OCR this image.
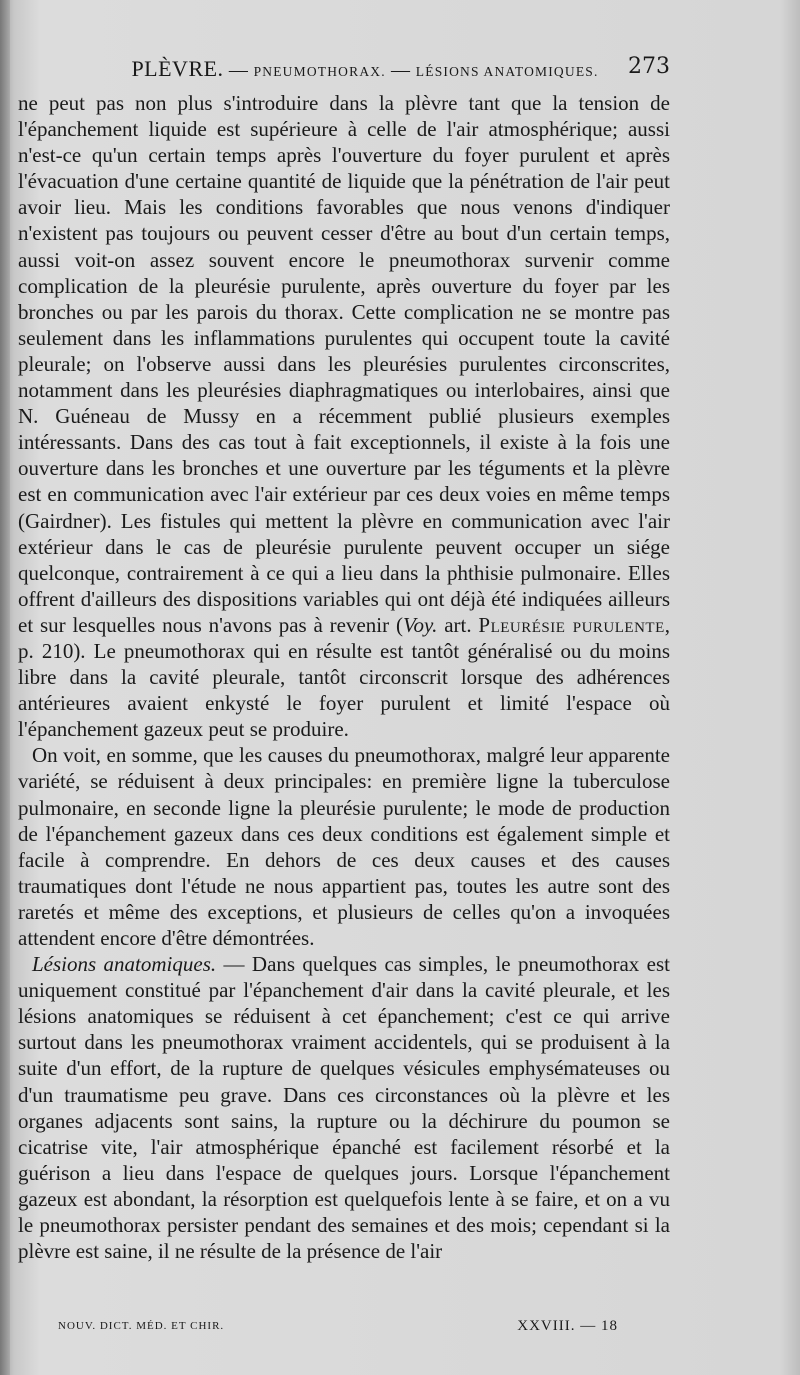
PLÈVRE. — PNEUMOTHORAX. — LÉSIONS ANATOMIQUES.	273

ne peut pas non plus s'introduire dans la plèvre tant que la tension de l'épanchement liquide est supérieure à celle de l'air atmosphérique; aussi n'est-ce qu'un certain temps après l'ouverture du foyer purulent et après l'évacuation d'une certaine quantité de liquide que la pénétration de l'air peut avoir lieu. Mais les conditions favorables que nous venons d'indiquer n'existent pas toujours ou peuvent cesser d'être au bout d'un certain temps, aussi voit-on assez souvent encore le pneumothorax survenir comme complication de la pleurésie purulente, après ouverture du foyer par les bronches ou par les parois du thorax. Cette complication ne se montre pas seulement dans les inflammations purulentes qui occupent toute la cavité pleurale; on l'observe aussi dans les pleurésies purulentes circonscrites, notamment dans les pleurésies diaphragmatiques ou interlobaires, ainsi que N. Guéneau de Mussy en a récemment publié plusieurs exemples intéressants. Dans des cas tout à fait exceptionnels, il existe à la fois une ouverture dans les bronches et une ouverture par les téguments et la plèvre est en communication avec l'air extérieur par ces deux voies en même temps (Gairdner). Les fistules qui mettent la plèvre en communication avec l'air extérieur dans le cas de pleurésie purulente peuvent occuper un siége quelconque, contrairement à ce qui a lieu dans la phthisie pulmonaire. Elles offrent d'ailleurs des dispositions variables qui ont déjà été indiquées ailleurs et sur lesquelles nous n'avons pas à revenir (Voy. art. Pleurésie purulente, p. 210). Le pneumothorax qui en résulte est tantôt généralisé ou du moins libre dans la cavité pleurale, tantôt circonscrit lorsque des adhérences antérieures avaient enkysté le foyer purulent et limité l'espace où l'épanchement gazeux peut se produire.

On voit, en somme, que les causes du pneumothorax, malgré leur apparente variété, se réduisent à deux principales: en première ligne la tuberculose pulmonaire, en seconde ligne la pleurésie purulente; le mode de production de l'épanchement gazeux dans ces deux conditions est également simple et facile à comprendre. En dehors de ces deux causes et des causes traumatiques dont l'étude ne nous appartient pas, toutes les autre sont des raretés et même des exceptions, et plusieurs de celles qu'on a invoquées attendent encore d'être démontrées.

Lésions anatomiques. — Dans quelques cas simples, le pneumothorax est uniquement constitué par l'épanchement d'air dans la cavité pleurale, et les lésions anatomiques se réduisent à cet épanchement; c'est ce qui arrive surtout dans les pneumothorax vraiment accidentels, qui se produisent à la suite d'un effort, de la rupture de quelques vésicules emphysémateuses ou d'un traumatisme peu grave. Dans ces circonstances où la plèvre et les organes adjacents sont sains, la rupture ou la déchirure du poumon se cicatrise vite, l'air atmosphérique épanché est facilement résorbé et la guérison a lieu dans l'espace de quelques jours. Lorsque l'épanchement gazeux est abondant, la résorption est quelquefois lente à se faire, et on a vu le pneumothorax persister pendant des semaines et des mois; cependant si la plèvre est saine, il ne résulte de la présence de l'air

NOUV. DICT. MÉD. ET CHIR.	XXVIII. — 18
